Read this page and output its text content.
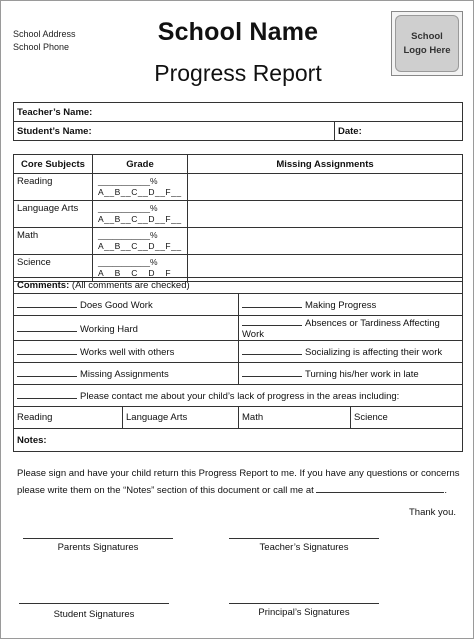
School Address
School Phone
School Name
Progress Report
School
Logo Here
Teacher’s Name:
Student’s Name:	Date:
Core Subjects	Grade	Missing Assignments
Reading	___________%
A__B__C__D__F__	

Language Arts	___________%
A__B__C__D__F__	

Math	___________%
A__B__C__D__F__	

Science	___________%
A__B__C__D__F__	

Comments: (All comments are checked)			
Does Good Work		Making Progress	
Working Hard		Absences or Tardiness Affecting Work	
Works well with others		Socializing is affecting their work	
Missing Assignments		Turning his/her work in late	
Please contact me about your child’s lack of progress in the areas including:			
Reading	Language Arts	Math	Science
Notes:			
Please sign and have your child return this Progress Report to me. If you have any questions or concerns
please write them on the “Notes” section of this document or call me at	.
Thank you.
Parents Signatures	Teacher’s Signatures
Student Signatures	Principal’s Signatures
